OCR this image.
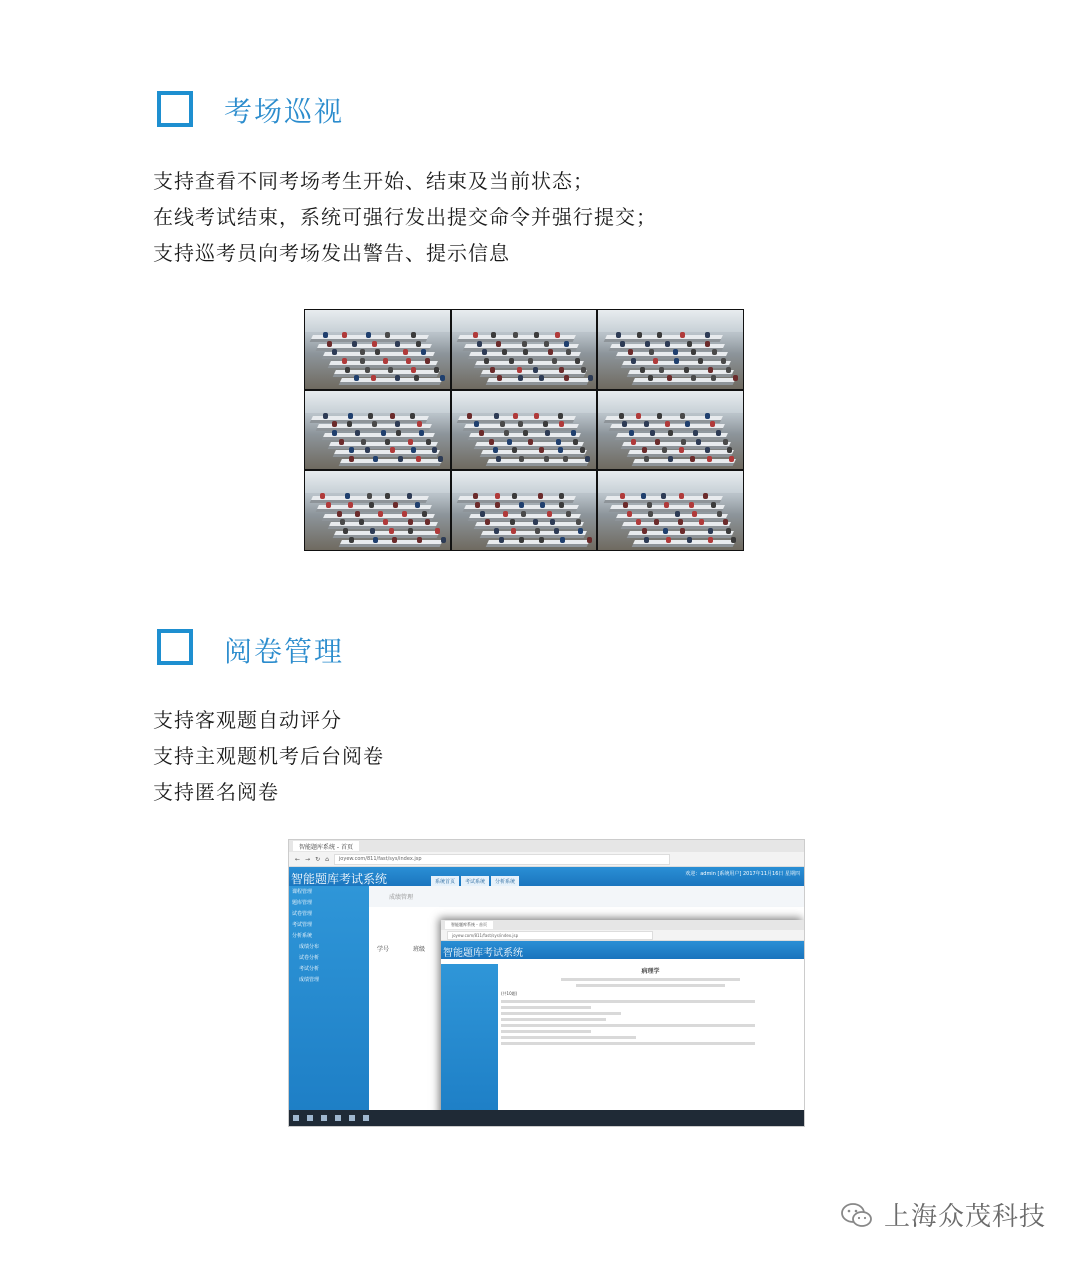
考场巡视
支持查看不同考场考生开始、结束及当前状态；
在线考试结束，系统可强行发出提交命令并强行提交；
支持巡考员向考场发出警告、提示信息
阅卷管理
支持客观题自动评分
支持主观题机考后台阅卷
支持匿名阅卷
智能题库系统 - 首页
← → ↻ ⌂	joyew.com/811/fast/sys/index.jsp
智能题库考试系统	系统首页	考试系统	分析系统
欢迎：admin [系统用户] 2017年11月16日 星期四
课程管理
题库管理
试卷管理
考试管理
分析系统
成绩分布
试卷分析
考试分析
成绩管理
成绩管理
学号	班级
智能题库系统 - 首页
joyew.com/811/fast/sys/index.jsp
智能题库考试系统
病理学
(共10题)
上海众茂科技
